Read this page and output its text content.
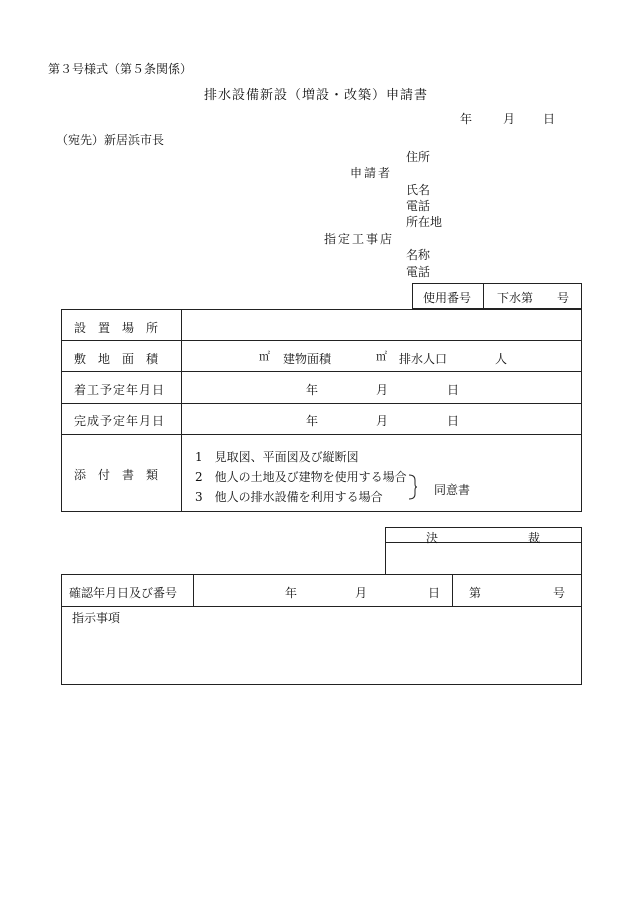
第３号様式（第５条関係）
排水設備新設（増設・改築）申請書
年	月 日
（宛先）新居浜市長
住所
申請者
氏名
電話
所在地
指定工事店
名称
電話
使用番号 下水第 号
設置場所
敷地面積	㎡ 建物面積	㎡ 排水人口	人
着工予定年月日	年	月	日
完成予定年月日	年	月	日
添付書類
1　見取図、平面図及び縦断図
2　他人の土地及び建物を使用する場合
3　他人の排水設備を利用する場合	同意書
決	裁
確認年月日及び番号	年	月	日 第	号
指示事項
